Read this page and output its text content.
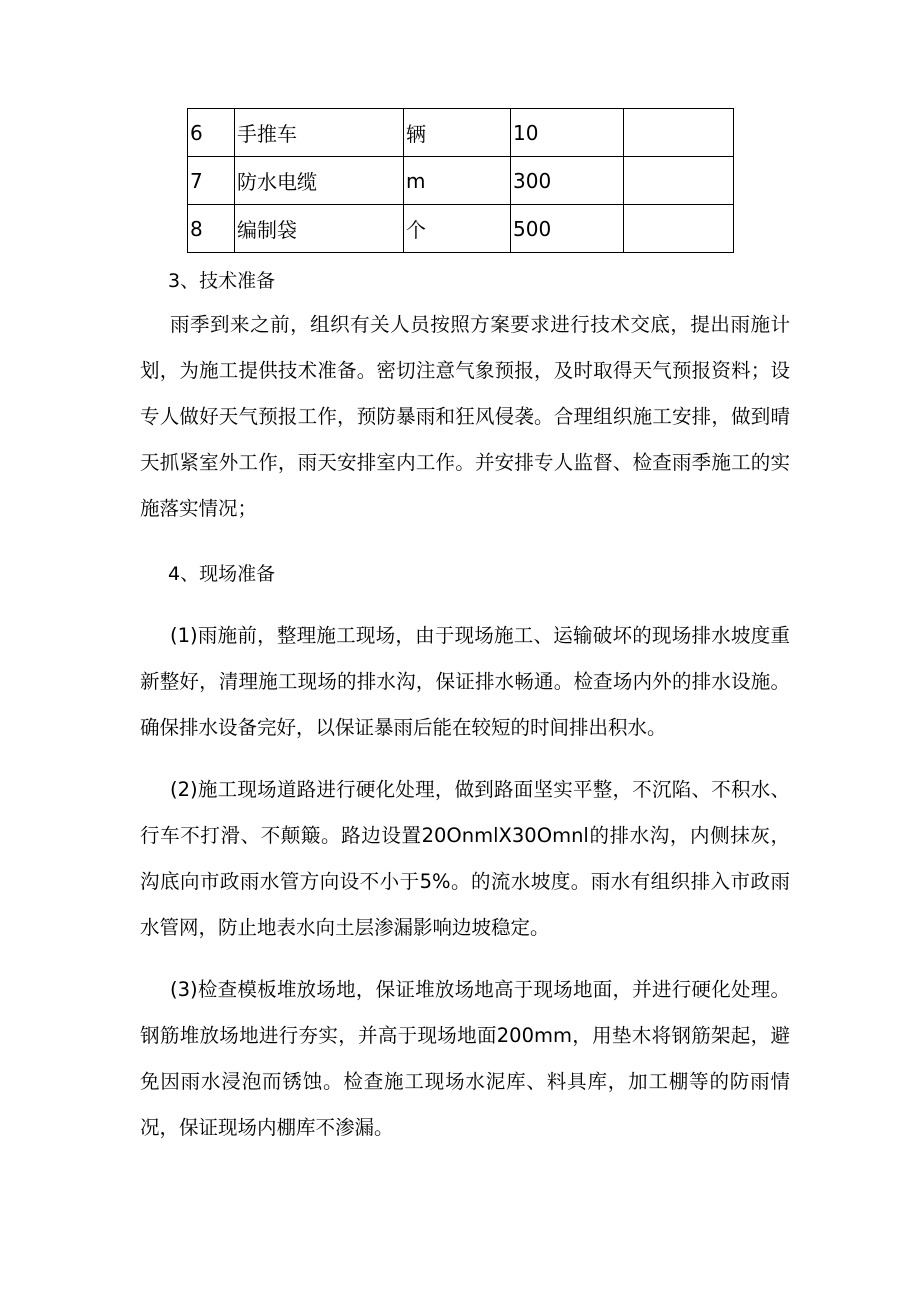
6	手推车	辆	10	
7	防水电缆	m	300	
8	编制袋	个	500	
3、技术准备

雨季到来之前，组织有关人员按照方案要求进行技术交底，提出雨施计划，为施工提供技术准备。密切注意气象预报，及时取得天气预报资料；设专人做好天气预报工作，预防暴雨和狂风侵袭。合理组织施工安排，做到晴天抓紧室外工作，雨天安排室内工作。并安排专人监督、检查雨季施工的实施落实情况；

4、现场准备

(1)雨施前，整理施工现场，由于现场施工、运输破坏的现场排水坡度重新整好，清理施工现场的排水沟，保证排水畅通。检查场内外的排水设施。确保排水设备完好，以保证暴雨后能在较短的时间排出积水。

(2)施工现场道路进行硬化处理，做到路面坚实平整，不沉陷、不积水、行车不打滑、不颠簸。路边设置20OnmlX30Omnl的排水沟，内侧抹灰，沟底向市政雨水管方向设不小于5%。的流水坡度。雨水有组织排入市政雨水管网，防止地表水向土层渗漏影响边坡稳定。

(3)检查模板堆放场地，保证堆放场地高于现场地面，并进行硬化处理。钢筋堆放场地进行夯实，并高于现场地面200mm，用垫木将钢筋架起，避免因雨水浸泡而锈蚀。检查施工现场水泥库、料具库，加工棚等的防雨情况，保证现场内棚库不渗漏。
